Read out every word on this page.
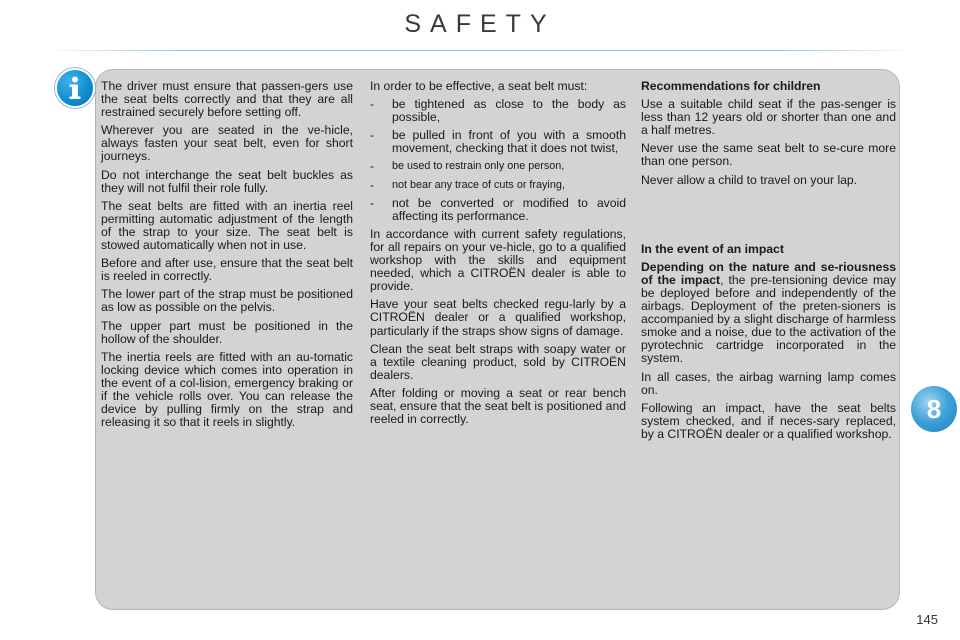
SAFETY

The driver must ensure that passen-gers use the seat belts correctly and that they are all restrained securely before setting off.

Wherever you are seated in the ve-hicle, always fasten your seat belt, even for short journeys.

Do not interchange the seat belt buckles as they will not fulfil their role fully.

The seat belts are fitted with an inertia reel permitting automatic adjustment of the length of the strap to your size. The seat belt is stowed automatically when not in use.

Before and after use, ensure that the seat belt is reeled in correctly.

The lower part of the strap must be positioned as low as possible on the pelvis.

The upper part must be positioned in the hollow of the shoulder.

The inertia reels are fitted with an au-tomatic locking device which comes into operation in the event of a col-lision, emergency braking or if the vehicle rolls over. You can release the device by pulling firmly on the strap and releasing it so that it reels in slightly.

In order to be effective, a seat belt must:

-	be tightened as close to the body as possible,
-	be pulled in front of you with a smooth movement, checking that it does not twist,
-	be used to restrain only one person,
-	not bear any trace of cuts or fraying,
-	not be converted or modified to avoid affecting its performance.

In accordance with current safety regulations, for all repairs on your ve-hicle, go to a qualified workshop with the skills and equipment needed, which a CITROËN dealer is able to provide.

Have your seat belts checked regu-larly by a CITROËN dealer or a qualified workshop, particularly if the straps show signs of damage.

Clean the seat belt straps with soapy water or a textile cleaning product, sold by CITROËN dealers.

After folding or moving a seat or rear bench seat, ensure that the seat belt is positioned and reeled in correctly.

Recommendations for children

Use a suitable child seat if the pas-senger is less than 12 years old or shorter than one and a half metres.

Never use the same seat belt to se-cure more than one person.

Never allow a child to travel on your lap.

In the event of an impact

Depending on the nature and se-riousness of the impact, the pre-tensioning device may be deployed before and independently of the airbags. Deployment of the preten-sioners is accompanied by a slight discharge of harmless smoke and a noise, due to the activation of the pyrotechnic cartridge incorporated in the system.

In all cases, the airbag warning lamp comes on.

Following an impact, have the seat belts system checked, and if neces-sary replaced, by a CITROËN dealer or a qualified workshop.

8
145
